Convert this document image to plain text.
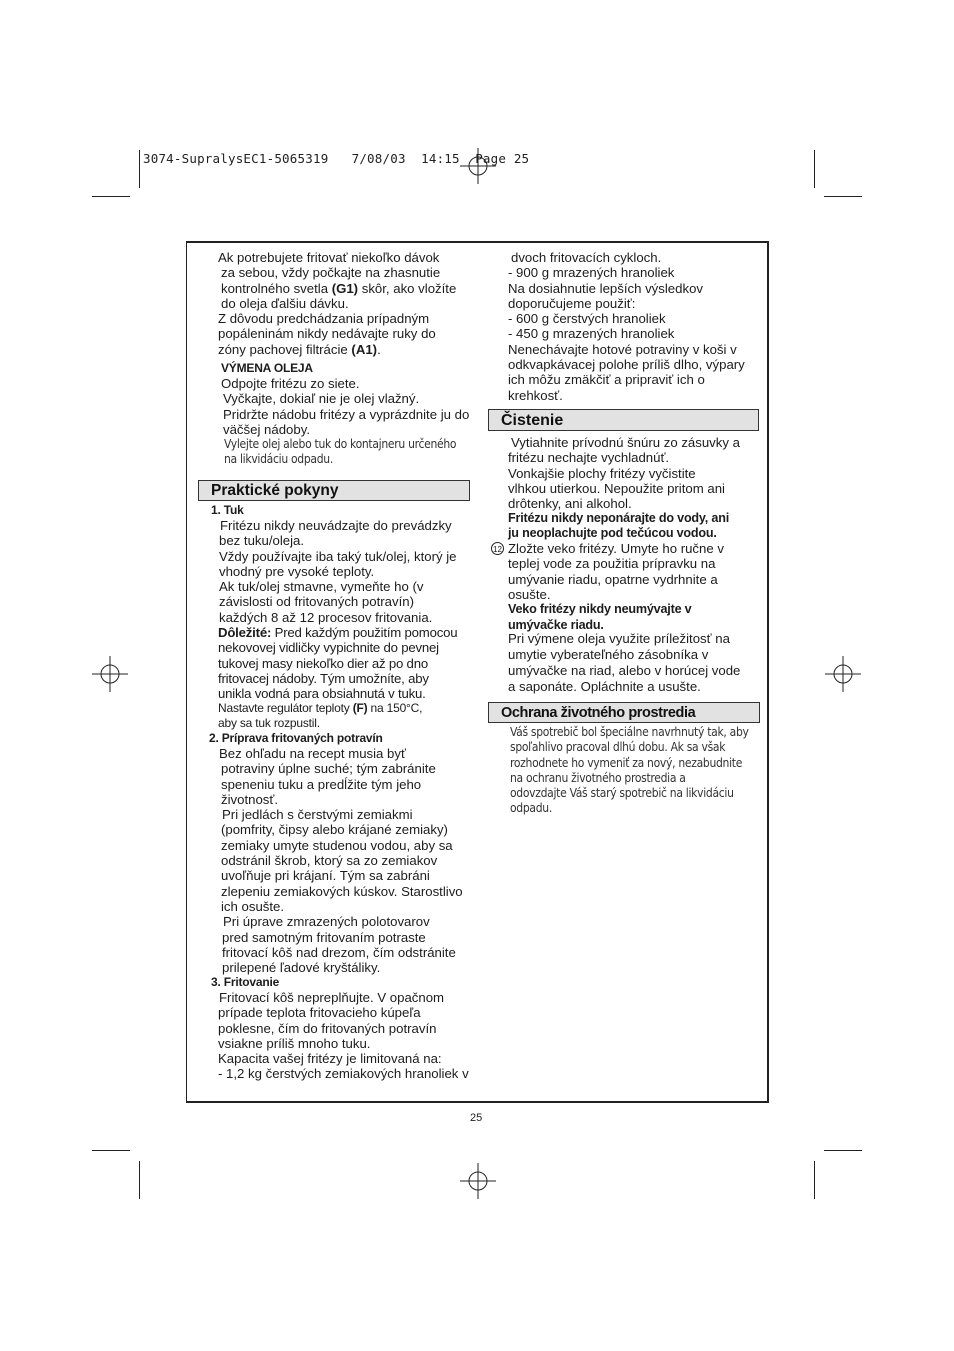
3074-SupralysEC1-5065319   7/08/03  14:15  Page 25

Ak potrebujete fritovať niekoľko dávok

za sebou, vždy počkajte na zhasnutie

kontrolného svetla (G1) skôr, ako vložíte

do oleja ďalšiu dávku.

Z dôvodu predchádzania prípadným

popáleninám nikdy nedávajte ruky do

zóny pachovej filtrácie (A1).

VÝMENA OLEJA

Odpojte fritézu zo siete.

Vyčkajte, dokiaľ nie je olej vlažný.

Pridržte nádobu fritézy a vyprázdnite ju do

väčšej nádoby.

Vylejte olej alebo tuk do kontajneru určeného

na likvidáciu odpadu.

Praktické pokyny
1. Tuk

Fritézu nikdy neuvádzajte do prevádzky

bez tuku/oleja.

Vždy používajte iba taký tuk/olej, ktorý je

vhodný pre vysoké teploty.

Ak tuk/olej stmavne, vymeňte ho (v

závislosti od fritovaných potravín)

každých 8 až 12 procesov fritovania.

Dôležité: Pred každým použitím pomocou

nekovovej vidličky vypichnite do pevnej

tukovej masy niekoľko dier až po dno

fritovacej nádoby. Tým umožníte, aby

unikla vodná para obsiahnutá v tuku.

Nastavte regulátor teploty (F) na 150°C,

aby sa tuk rozpustil.

2. Príprava fritovaných potravín

Bez ohľadu na recept musia byť

potraviny úplne suché; tým zabránite

speneniu tuku a predĺžite tým jeho

životnosť.

Pri jedlách s čerstvými zemiakmi

(pomfrity, čipsy alebo krájané zemiaky)

zemiaky umyte studenou vodou, aby sa

odstránil škrob, ktorý sa zo zemiakov

uvoľňuje pri krájaní. Tým sa zabráni

zlepeniu zemiakových kúskov. Starostlivo

ich osušte.

Pri úprave zmrazených polotovarov

pred samotným fritovaním potraste

fritovací kôš nad drezom, čím odstránite

prilepené ľadové kryštáliky.

3. Fritovanie

Fritovací kôš nepreplňujte. V opačnom

prípade teplota fritovacieho kúpeľa

poklesne, čím do fritovaných potravín

vsiakne príliš mnoho tuku.

Kapacita vašej fritézy je limitovaná na:

- 1,2 kg čerstvých zemiakových hranoliek v

dvoch fritovacích cykloch.

- 900 g mrazených hranoliek

Na dosiahnutie lepších výsledkov

doporučujeme použiť:

- 600 g čerstvých hranoliek

- 450 g mrazených hranoliek

Nenechávajte hotové potraviny v koši v

odkvapkávacej polohe príliš dlho, výpary

ich môžu zmäkčiť a pripraviť ich o

krehkosť.

Čistenie

Vytiahnite prívodnú šnúru zo zásuvky a

fritézu nechajte vychladnúť.

Vonkajšie plochy fritézy vyčistite

vlhkou utierkou. Nepoužite pritom ani

drôtenky, ani alkohol.

Fritézu nikdy neponárajte do vody, ani

ju neoplachujte pod tečúcou vodou.

12 Zložte veko fritézy. Umyte ho ručne v

teplej vode za použitia prípravku na

umývanie riadu, opatrne vydrhnite a

osušte.

Veko fritézy nikdy neumývajte v

umývačke riadu.

Pri výmene oleja využite príležitosť na

umytie vyberateľného zásobníka v

umývačke na riad, alebo v horúcej vode

a saponáte. Opláchnite a usušte.

Ochrana životného prostredia

Váš spotrebič bol špeciálne navrhnutý tak, aby

spoľahlivo pracoval dlhú dobu. Ak sa však

rozhodnete ho vymeniť za nový, nezabudnite

na ochranu životného prostredia a

odovzdajte Váš starý spotrebič na likvidáciu

odpadu.

25
